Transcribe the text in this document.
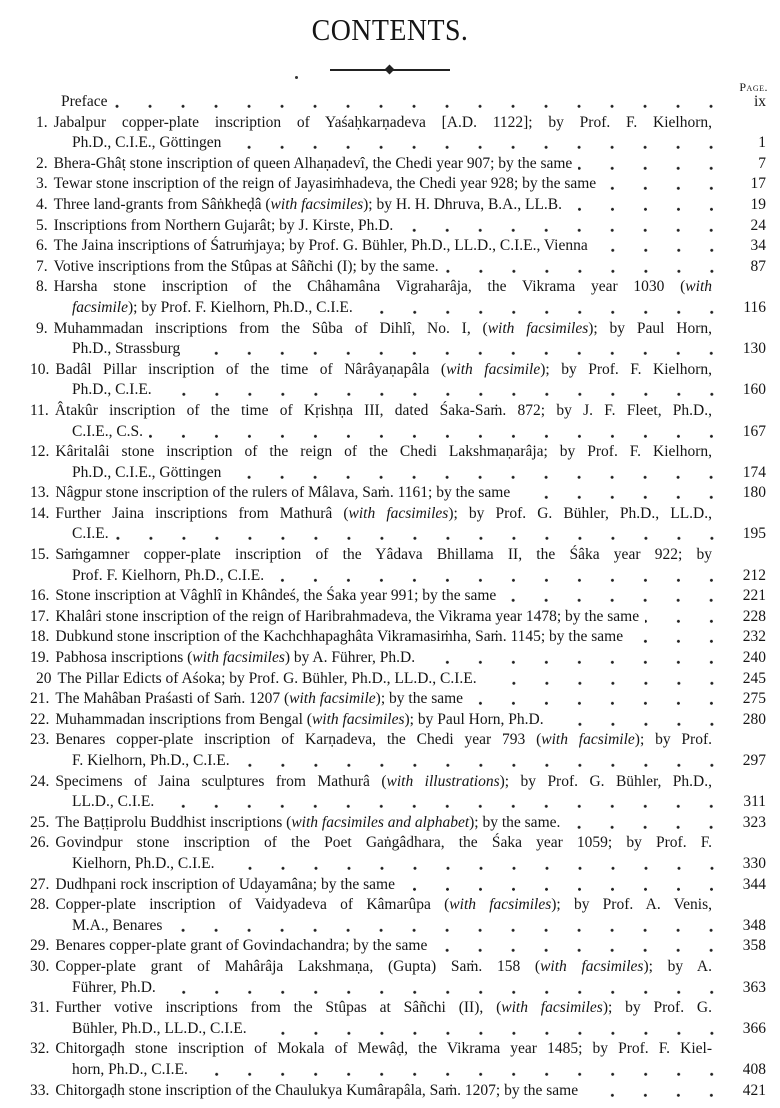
CONTENTS.
Page.
Preface	ix
1. Jabalpur copper-plate inscription of Yaśaḥkarṇadeva [A.D. 1122]; by Prof. F. Kielhorn,
Ph.D., C.I.E., Göttingen	1
2. Bhera-Ghâṭ stone inscription of queen Alhaṇadevî, the Chedi year 907; by the same	7
3. Tewar stone inscription of the reign of Jayasiṁhadeva, the Chedi year 928; by the same	17
4. Three land-grants from Sâṅkheḍâ (with facsimiles); by H. H. Dhruva, B.A., LL.B.	19
5. Inscriptions from Northern Gujarât; by J. Kirste, Ph.D.	24
6. The Jaina inscriptions of Śatruṁjaya; by Prof. G. Bühler, Ph.D., LL.D., C.I.E., Vienna	34
7. Votive inscriptions from the Stûpas at Sâñchi (I); by the same.	87
8. Harsha stone inscription of the Châhamâna Vigraharâja, the Vikrama year 1030 (with
facsimile); by Prof. F. Kielhorn, Ph.D., C.I.E.	116
9. Muhammadan inscriptions from the Sûba of Dihlî, No. I, (with facsimiles); by Paul Horn,
Ph.D., Strassburg	130
10. Badâl Pillar inscription of the time of Nârâyaṇapâla (with facsimile); by Prof. F. Kielhorn,
Ph.D., C.I.E.	160
11. Âtakûr inscription of the time of Kṛishṇa III, dated Śaka-Saṁ. 872; by J. F. Fleet, Ph.D.,
C.I.E., C.S.	167
12. Kâritalâi stone inscription of the reign of the Chedi Lakshmaṇarâja; by Prof. F. Kielhorn,
Ph.D., C.I.E., Göttingen	174
13. Nâgpur stone inscription of the rulers of Mâlava, Saṁ. 1161; by the same	180
14. Further Jaina inscriptions from Mathurâ (with facsimiles); by Prof. G. Bühler, Ph.D., LL.D.,
C.I.E.	195
15. Saṁgamner copper-plate inscription of the Yâdava Bhillama II, the Śâka year 922; by
Prof. F. Kielhorn, Ph.D., C.I.E.	212
16. Stone inscription at Vâghlî in Khândeś, the Śaka year 991; by the same	221
17. Khalâri stone inscription of the reign of Haribrahmadeva, the Vikrama year 1478; by the same	228
18. Dubkund stone inscription of the Kachchhapaghâta Vikramasiṁha, Saṁ. 1145; by the same	232
19. Pabhosa inscriptions (with facsimiles) by A. Führer, Ph.D.	240
20 The Pillar Edicts of Aśoka; by Prof. G. Bühler, Ph.D., LL.D., C.I.E.	245
21. The Mahâban Praśasti of Saṁ. 1207 (with facsimile); by the same	275
22. Muhammadan inscriptions from Bengal (with facsimiles); by Paul Horn, Ph.D.	280
23. Benares copper-plate inscription of Karṇadeva, the Chedi year 793 (with facsimile); by Prof.
F. Kielhorn, Ph.D., C.I.E.	297
24. Specimens of Jaina sculptures from Mathurâ (with illustrations); by Prof. G. Bühler, Ph.D.,
LL.D., C.I.E.	311
25. The Baṭṭiprolu Buddhist inscriptions (with facsimiles and alphabet); by the same.	323
26. Govindpur stone inscription of the Poet Gaṅgâdhara, the Śaka year 1059; by Prof. F.
Kielhorn, Ph.D., C.I.E.	330
27. Dudhpani rock inscription of Udayamâna; by the same	344
28. Copper-plate inscription of Vaidyadeva of Kâmarûpa (with facsimiles); by Prof. A. Venis,
M.A., Benares	348
29. Benares copper-plate grant of Govindachandra; by the same	358
30. Copper-plate grant of Mahârâja Lakshmaṇa, (Gupta) Saṁ. 158 (with facsimiles); by A.
Führer, Ph.D.	363
31. Further votive inscriptions from the Stûpas at Sâñchi (II), (with facsimiles); by Prof. G.
Bühler, Ph.D., LL.D., C.I.E.	366
32. Chitorgaḍh stone inscription of Mokala of Mewâḍ, the Vikrama year 1485; by Prof. F. Kiel-
horn, Ph.D., C.I.E.	408
33. Chitorgaḍh stone inscription of the Chaulukya Kumârapâla, Saṁ. 1207; by the same	421
